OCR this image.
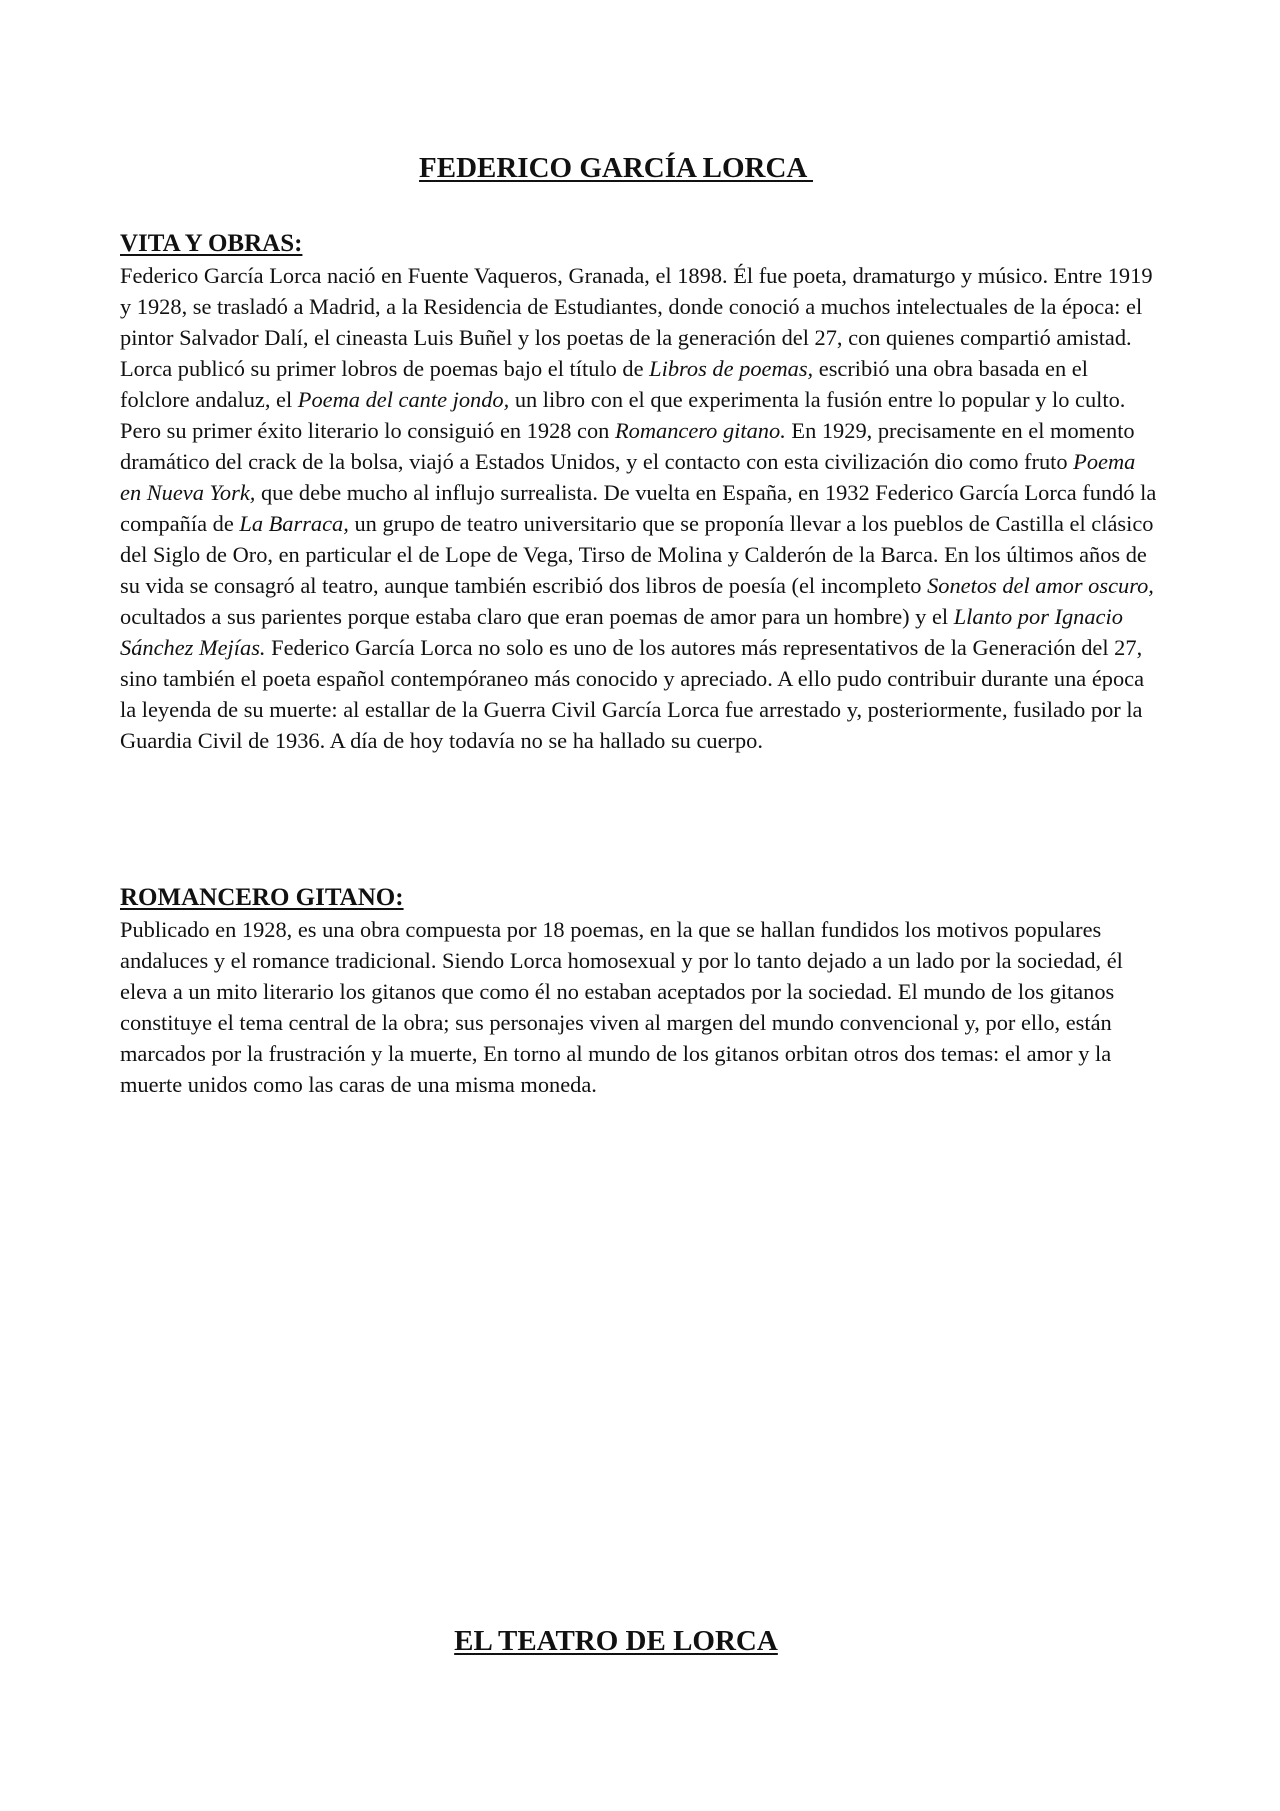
FEDERICO GARCÍA LORCA
VITA Y OBRAS:

Federico García Lorca nació en Fuente Vaqueros, Granada, el 1898. Él fue poeta, dramaturgo y músico. Entre 1919 y 1928, se trasladó a Madrid, a la Residencia de Estudiantes, donde conoció a muchos intelectuales de la época: el pintor Salvador Dalí, el cineasta Luis Buñel y los poetas de la generación del 27, con quienes compartió amistad. Lorca publicó su primer lobros de poemas bajo el título de Libros de poemas, escribió una obra basada en el folclore andaluz, el Poema del cante jondo, un libro con el que experimenta la fusión entre lo popular y lo culto. Pero su primer éxito literario lo consiguió en 1928 con Romancero gitano. En 1929, precisamente en el momento dramático del crack de la bolsa, viajó a Estados Unidos, y el contacto con esta civilización dio como fruto Poema en Nueva York, que debe mucho al influjo surrealista. De vuelta en España, en 1932 Federico García Lorca fundó la compañía de La Barraca, un grupo de teatro universitario que se proponía llevar a los pueblos de Castilla el clásico del Siglo de Oro, en particular el de Lope de Vega, Tirso de Molina y Calderón de la Barca. En los últimos años de su vida se consagró al teatro, aunque también escribió dos libros de poesía (el incompleto Sonetos del amor oscuro, ocultados a sus parientes porque estaba claro que eran poemas de amor para un hombre) y el Llanto por Ignacio Sánchez Mejías. Federico García Lorca no solo es uno de los autores más representativos de la Generación del 27, sino también el poeta español contempóraneo más conocido y apreciado. A ello pudo contribuir durante una época la leyenda de su muerte: al estallar de la Guerra Civil García Lorca fue arrestado y, posteriormente, fusilado por la Guardia Civil de 1936. A día de hoy todavía no se ha hallado su cuerpo.

ROMANCERO GITANO:

Publicado en 1928, es una obra compuesta por 18 poemas, en la que se hallan fundidos los motivos populares andaluces y el romance tradicional. Siendo Lorca homosexual y por lo tanto dejado a un lado por la sociedad, él eleva a un mito literario los gitanos que como él no estaban aceptados por la sociedad. El mundo de los gitanos constituye el tema central de la obra; sus personajes viven al margen del mundo convencional y, por ello, están marcados por la frustración y la muerte, En torno al mundo de los gitanos orbitan otros dos temas: el amor y la muerte unidos como las caras de una misma moneda.

EL TEATRO DE LORCA
